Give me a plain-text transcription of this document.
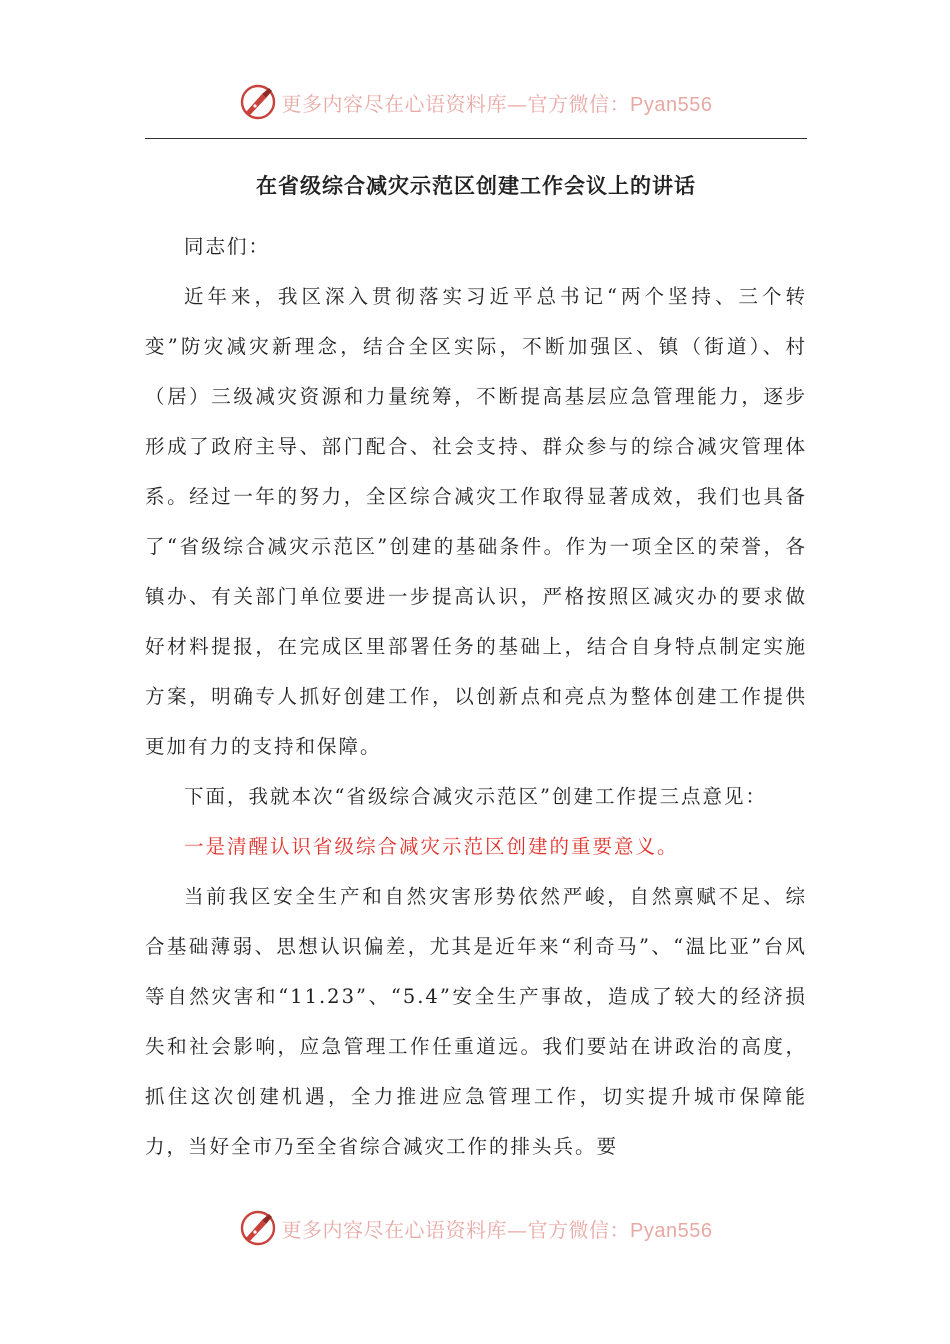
更多内容尽在心语资料库—官方微信：Pyan556
在省级综合减灾示范区创建工作会议上的讲话

同志们：

近年来，我区深入贯彻落实习近平总书记“两个坚持、三个转变”防灾减灾新理念，结合全区实际，不断加强区、镇（街道）、村（居）三级减灾资源和力量统筹，不断提高基层应急管理能力，逐步形成了政府主导、部门配合、社会支持、群众参与的综合减灾管理体系。经过一年的努力，全区综合减灾工作取得显著成效，我们也具备了“省级综合减灾示范区”创建的基础条件。作为一项全区的荣誉，各镇办、有关部门单位要进一步提高认识，严格按照区减灾办的要求做好材料提报，在完成区里部署任务的基础上，结合自身特点制定实施方案，明确专人抓好创建工作，以创新点和亮点为整体创建工作提供更加有力的支持和保障。

下面，我就本次“省级综合减灾示范区”创建工作提三点意见：

一是清醒认识省级综合减灾示范区创建的重要意义。

当前我区安全生产和自然灾害形势依然严峻，自然禀赋不足、综合基础薄弱、思想认识偏差，尤其是近年来“利奇马”、“温比亚”台风等自然灾害和“11.23”、“5.4”安全生产事故，造成了较大的经济损失和社会影响，应急管理工作任重道远。我们要站在讲政治的高度，抓住这次创建机遇，全力推进应急管理工作，切实提升城市保障能力，当好全市乃至全省综合减灾工作的排头兵。要

更多内容尽在心语资料库—官方微信：Pyan556
